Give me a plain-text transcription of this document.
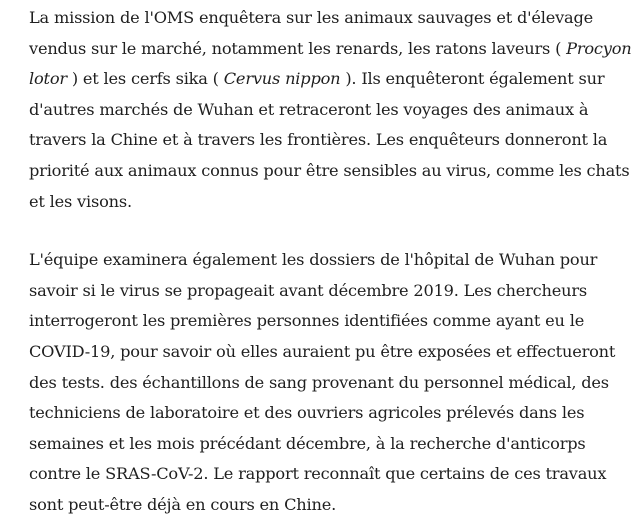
La mission de l'OMS enquêtera sur les animaux sauvages et d'élevage vendus sur le marché, notamment les renards, les ratons laveurs ( Procyon lotor ) et les cerfs sika ( Cervus nippon ). Ils enquêteront également sur d'autres marchés de Wuhan et retraceront les voyages des animaux à travers la Chine et à travers les frontières. Les enquêteurs donneront la priorité aux animaux connus pour être sensibles au virus, comme les chats et les visons.

L'équipe examinera également les dossiers de l'hôpital de Wuhan pour savoir si le virus se propageait avant décembre 2019. Les chercheurs interrogeront les premières personnes identifiées comme ayant eu le COVID-19, pour savoir où elles auraient pu être exposées et effectueront des tests. des échantillons de sang provenant du personnel médical, des techniciens de laboratoire et des ouvriers agricoles prélevés dans les semaines et les mois précédant décembre, à la recherche d'anticorps contre le SRAS-CoV-2. Le rapport reconnaît que certains de ces travaux sont peut-être déjà en cours en Chine.
